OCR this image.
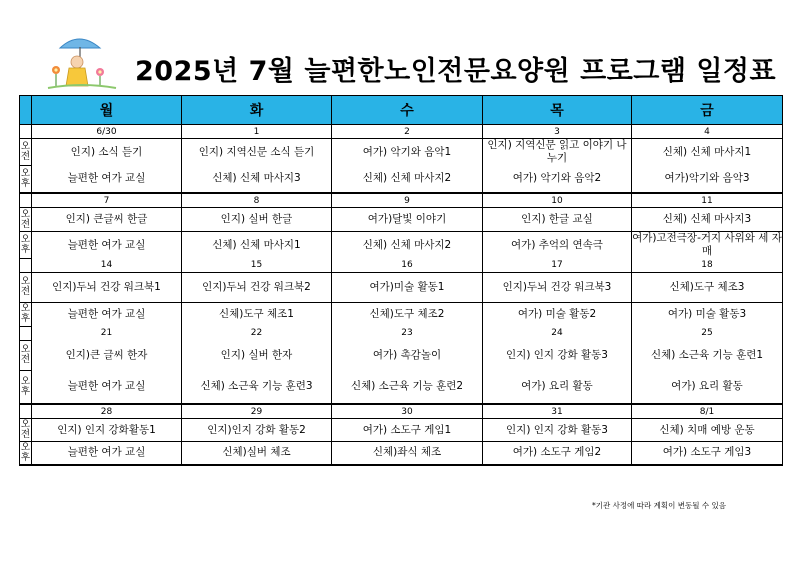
2025년 7월 늘편한노인전문요양원 프로그램 일정표
	월	화	수	목	금
	6/30	1	2	3	4
오전	인지) 소식 듣기	인지) 지역신문 소식 듣기	여가) 악기와 음악1	인지) 지역신문 읽고 이야기 나누기	신체) 신체 마사지1
오후	늘편한 여가 교실	신체) 신체 마사지3	신체) 신체 마사지2	여가) 악기와 음악2	여가)악기와 음악3
	7	8	9	10	11
오전	인지) 큰글씨 한글	인지) 실버 한글	여가)달빛 이야기	인지) 한글 교실	신체) 신체 마사지3
오후	늘편한 여가 교실	신체) 신체 마사지1	신체) 신체 마사지2	여가) 추억의 연속극	여가)고전극장-거지 사위와 세 자매
	14	15	16	17	18
오전	인지)두뇌 건강 워크북1	인지)두뇌 건강 워크북2	여가)미술 활동1	인지)두뇌 건강 워크북3	신체)도구 체조3
오후	늘편한 여가 교실	신체)도구 체조1	신체)도구 체조2	여가) 미술 활동2	여가) 미술 활동3
	21	22	23	24	25
오전	인지)큰 글씨 한자	인지) 실버 한자	여가) 촉감놀이	인지) 인지 강화 활동3	신체) 소근육 기능 훈련1
오후	늘편한 여가 교실	신체) 소근육 기능 훈련3	신체) 소근육 기능 훈련2	여가) 요리 활동	여가) 요리 활동
	28	29	30	31	8/1
오전	인지) 인지 강화활동1	인지)인지 강화 활동2	여가) 소도구 게임1	인지) 인지 강화 활동3	신체) 치매 예방 운동
오후	늘편한 여가 교실	신체)실버 체조	신체)좌식 체조	여가) 소도구 게임2	여가) 소도구 게임3
*기관 사정에 따라 계획이 변동될 수 있음
